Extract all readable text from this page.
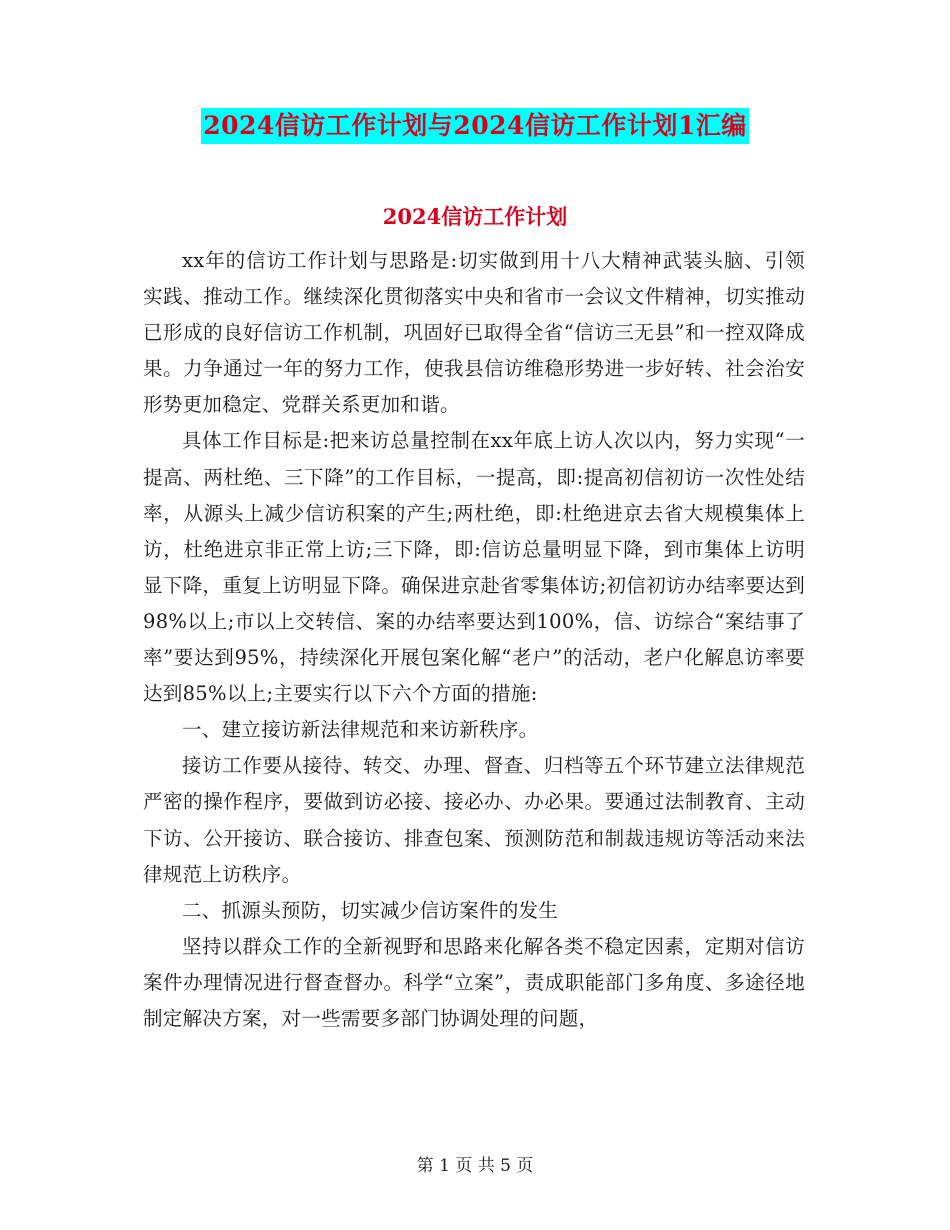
2024信访工作计划与2024信访工作计划1汇编
2024信访工作计划

xx年的信访工作计划与思路是:切实做到用十八大精神武装头脑、引领实践、推动工作。继续深化贯彻落实中央和省市一会议文件精神，切实推动已形成的良好信访工作机制，巩固好已取得全省“信访三无县”和一控双降成果。力争通过一年的努力工作，使我县信访维稳形势进一步好转、社会治安形势更加稳定、党群关系更加和谐。

具体工作目标是:把来访总量控制在xx年底上访人次以内，努力实现“一提高、两杜绝、三下降”的工作目标，一提高，即:提高初信初访一次性处结率，从源头上减少信访积案的产生;两杜绝，即:杜绝进京去省大规模集体上访，杜绝进京非正常上访;三下降，即:信访总量明显下降，到市集体上访明显下降，重复上访明显下降。确保进京赴省零集体访;初信初访办结率要达到98%以上;市以上交转信、案的办结率要达到100%，信、访综合“案结事了率”要达到95%，持续深化开展包案化解“老户”的活动，老户化解息访率要达到85%以上;主要实行以下六个方面的措施:

一、建立接访新法律规范和来访新秩序。

接访工作要从接待、转交、办理、督查、归档等五个环节建立法律规范严密的操作程序，要做到访必接、接必办、办必果。要通过法制教育、主动下访、公开接访、联合接访、排查包案、预测防范和制裁违规访等活动来法律规范上访秩序。

二、抓源头预防，切实减少信访案件的发生

坚持以群众工作的全新视野和思路来化解各类不稳定因素，定期对信访案件办理情况进行督查督办。科学“立案”，责成职能部门多角度、多途径地制定解决方案，对一些需要多部门协调处理的问题，

第 1 页 共 5 页
